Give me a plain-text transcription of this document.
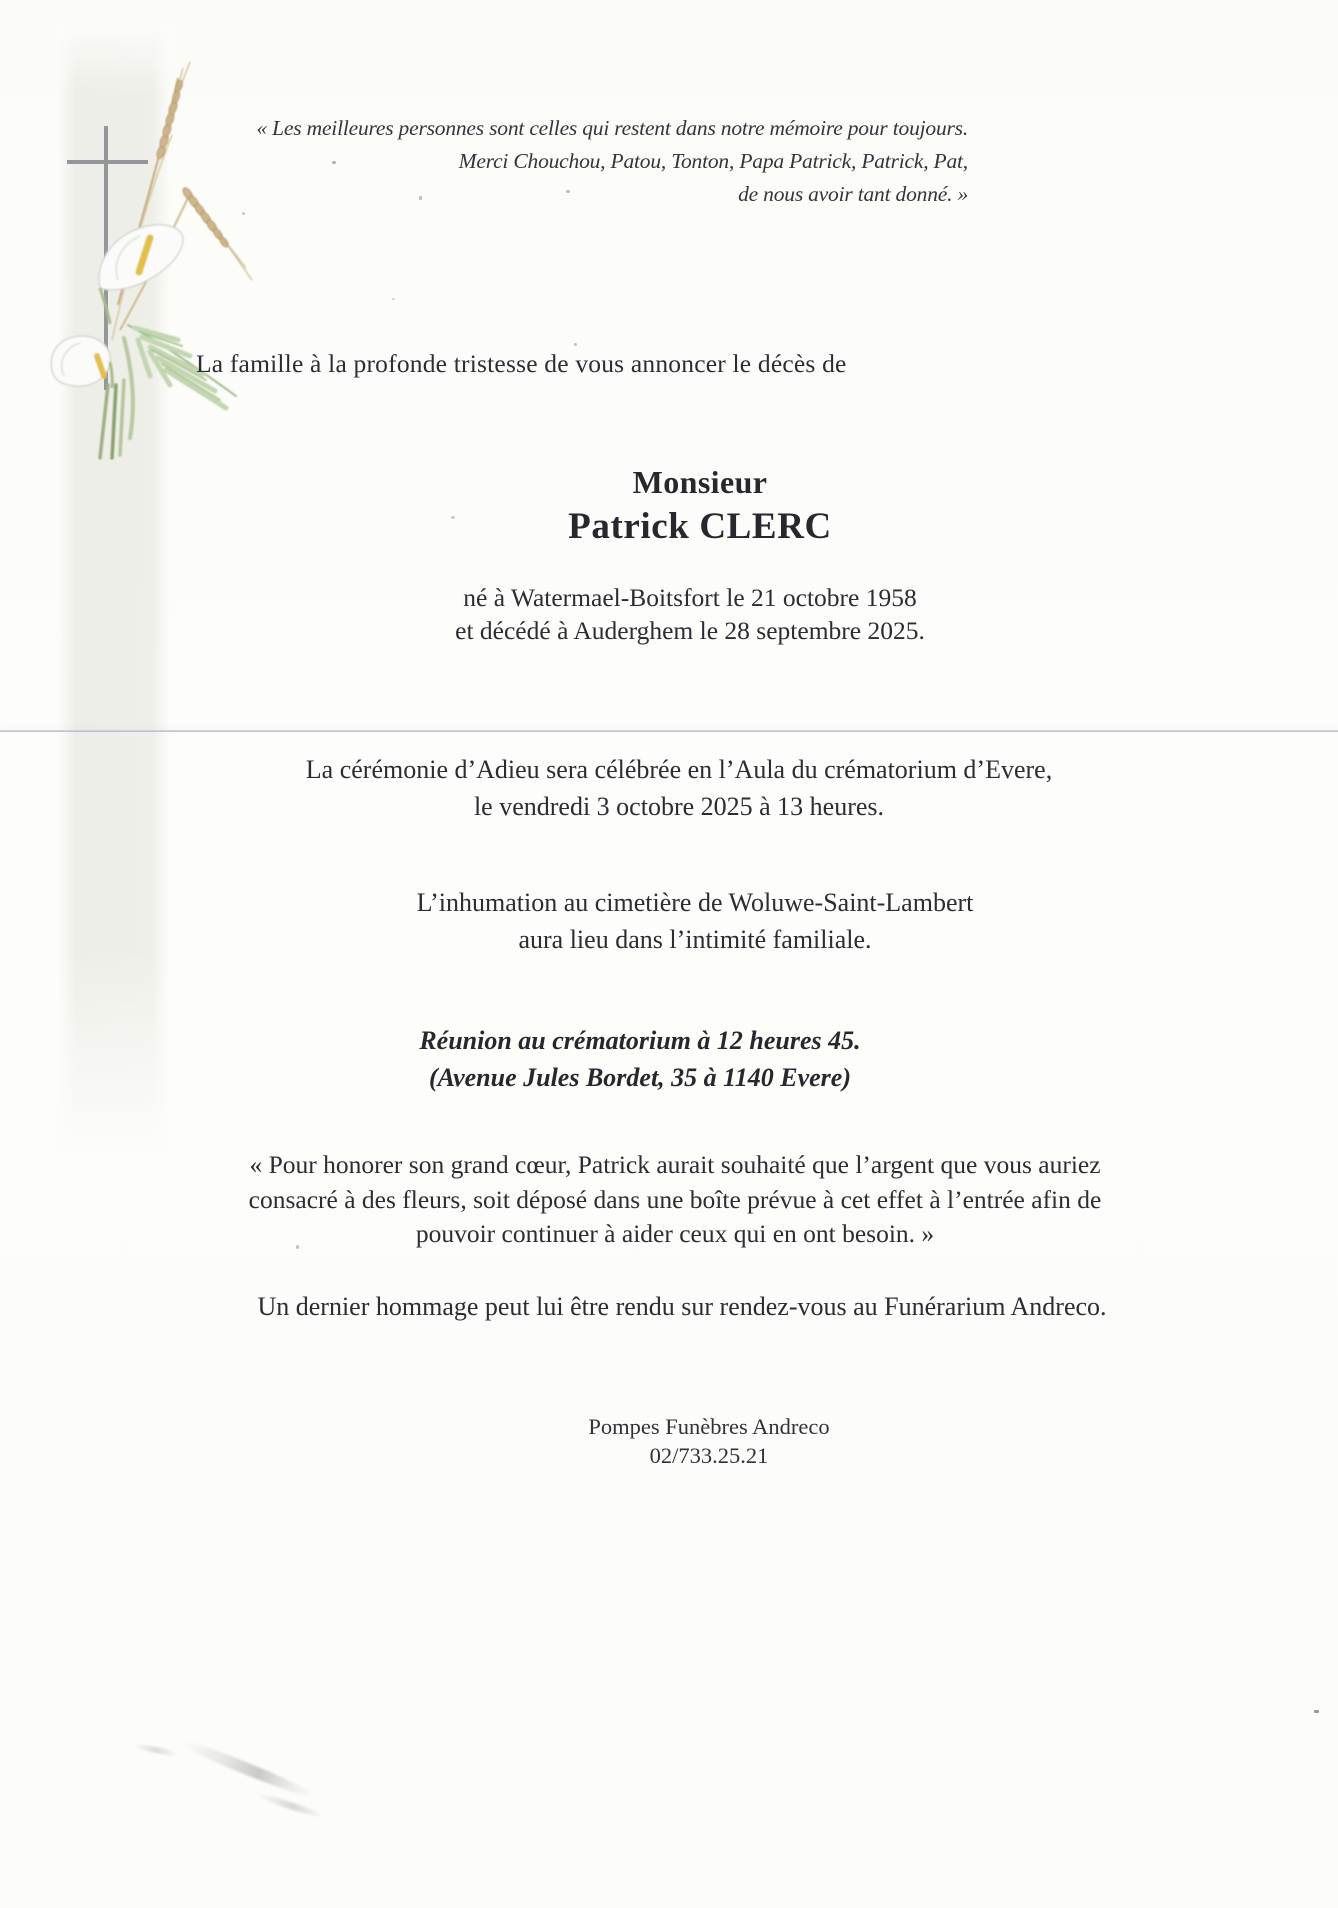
« Les meilleures personnes sont celles qui restent dans notre mémoire pour toujours.
Merci Chouchou, Patou, Tonton, Papa Patrick, Patrick, Pat,
de nous avoir tant donné. »
La famille à la profonde tristesse de vous annoncer le décès de
Monsieur
Patrick CLERC
né à Watermael-Boitsfort le 21 octobre 1958
et décédé à Auderghem le 28 septembre 2025.
La cérémonie d’Adieu sera célébrée en l’Aula du crématorium d’Evere,
le vendredi 3 octobre 2025 à 13 heures.
L’inhumation au cimetière de Woluwe-Saint-Lambert
aura lieu dans l’intimité familiale.
Réunion au crématorium à 12 heures 45.
(Avenue Jules Bordet, 35 à 1140 Evere)
« Pour honorer son grand cœur, Patrick aurait souhaité que l’argent que vous auriez
consacré à des fleurs, soit déposé dans une boîte prévue à cet effet à l’entrée afin de
pouvoir continuer à aider ceux qui en ont besoin. »
Un dernier hommage peut lui être rendu sur rendez-vous au Funérarium Andreco.
Pompes Funèbres Andreco
02/733.25.21
